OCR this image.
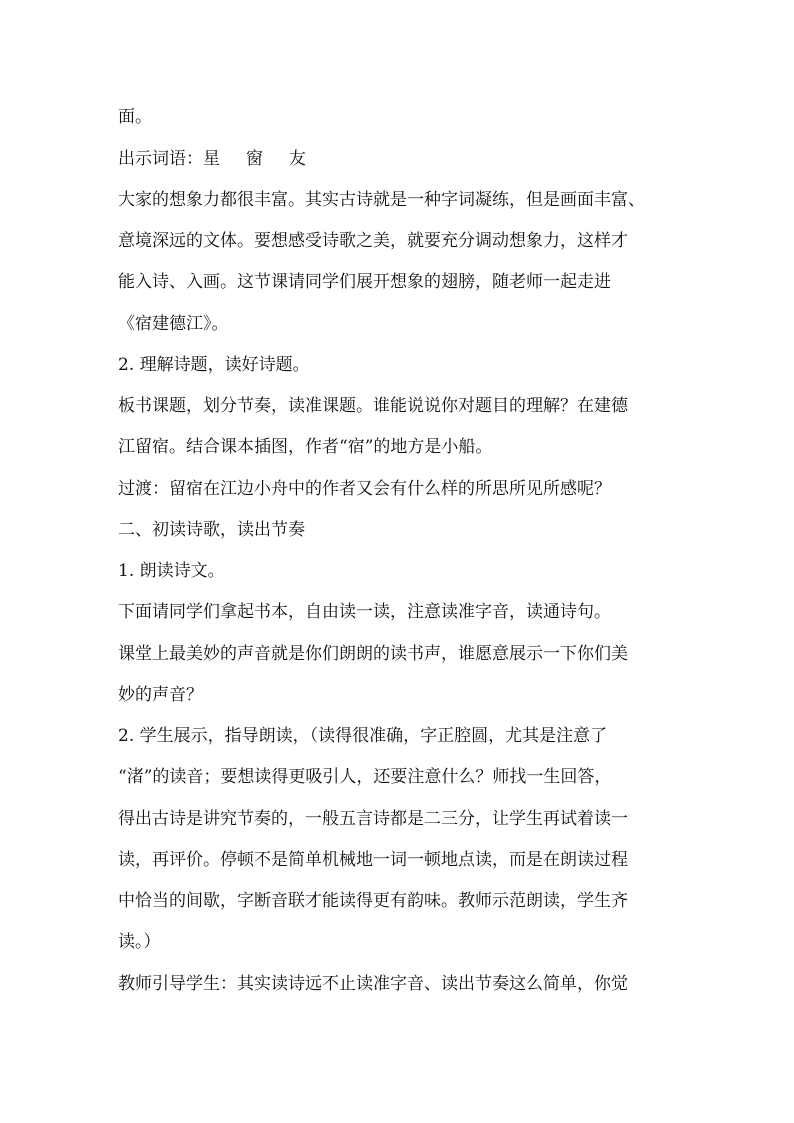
面。
出示词语：星 窗 友
大家的想象力都很丰富。其实古诗就是一种字词凝练，但是画面丰富、
意境深远的文体。要想感受诗歌之美，就要充分调动想象力，这样才
能入诗、入画。这节课请同学们展开想象的翅膀，随老师一起走进
《宿建德江》。
2. 理解诗题，读好诗题。
板书课题，划分节奏，读准课题。谁能说说你对题目的理解？在建德
江留宿。结合课本插图，作者“宿”的地方是小船。
过渡：留宿在江边小舟中的作者又会有什么样的所思所见所感呢？
二、初读诗歌，读出节奏
1. 朗读诗文。
下面请同学们拿起书本，自由读一读，注意读准字音，读通诗句。
课堂上最美妙的声音就是你们朗朗的读书声，谁愿意展示一下你们美
妙的声音？
2. 学生展示，指导朗读，（读得很准确，字正腔圆，尤其是注意了
“渚”的读音；要想读得更吸引人，还要注意什么？师找一生回答，
得出古诗是讲究节奏的，一般五言诗都是二三分，让学生再试着读一
读，再评价。停顿不是简单机械地一词一顿地点读，而是在朗读过程
中恰当的间歇，字断音联才能读得更有韵味。教师示范朗读，学生齐
读。）
教师引导学生：其实读诗远不止读准字音、读出节奏这么简单，你觉
